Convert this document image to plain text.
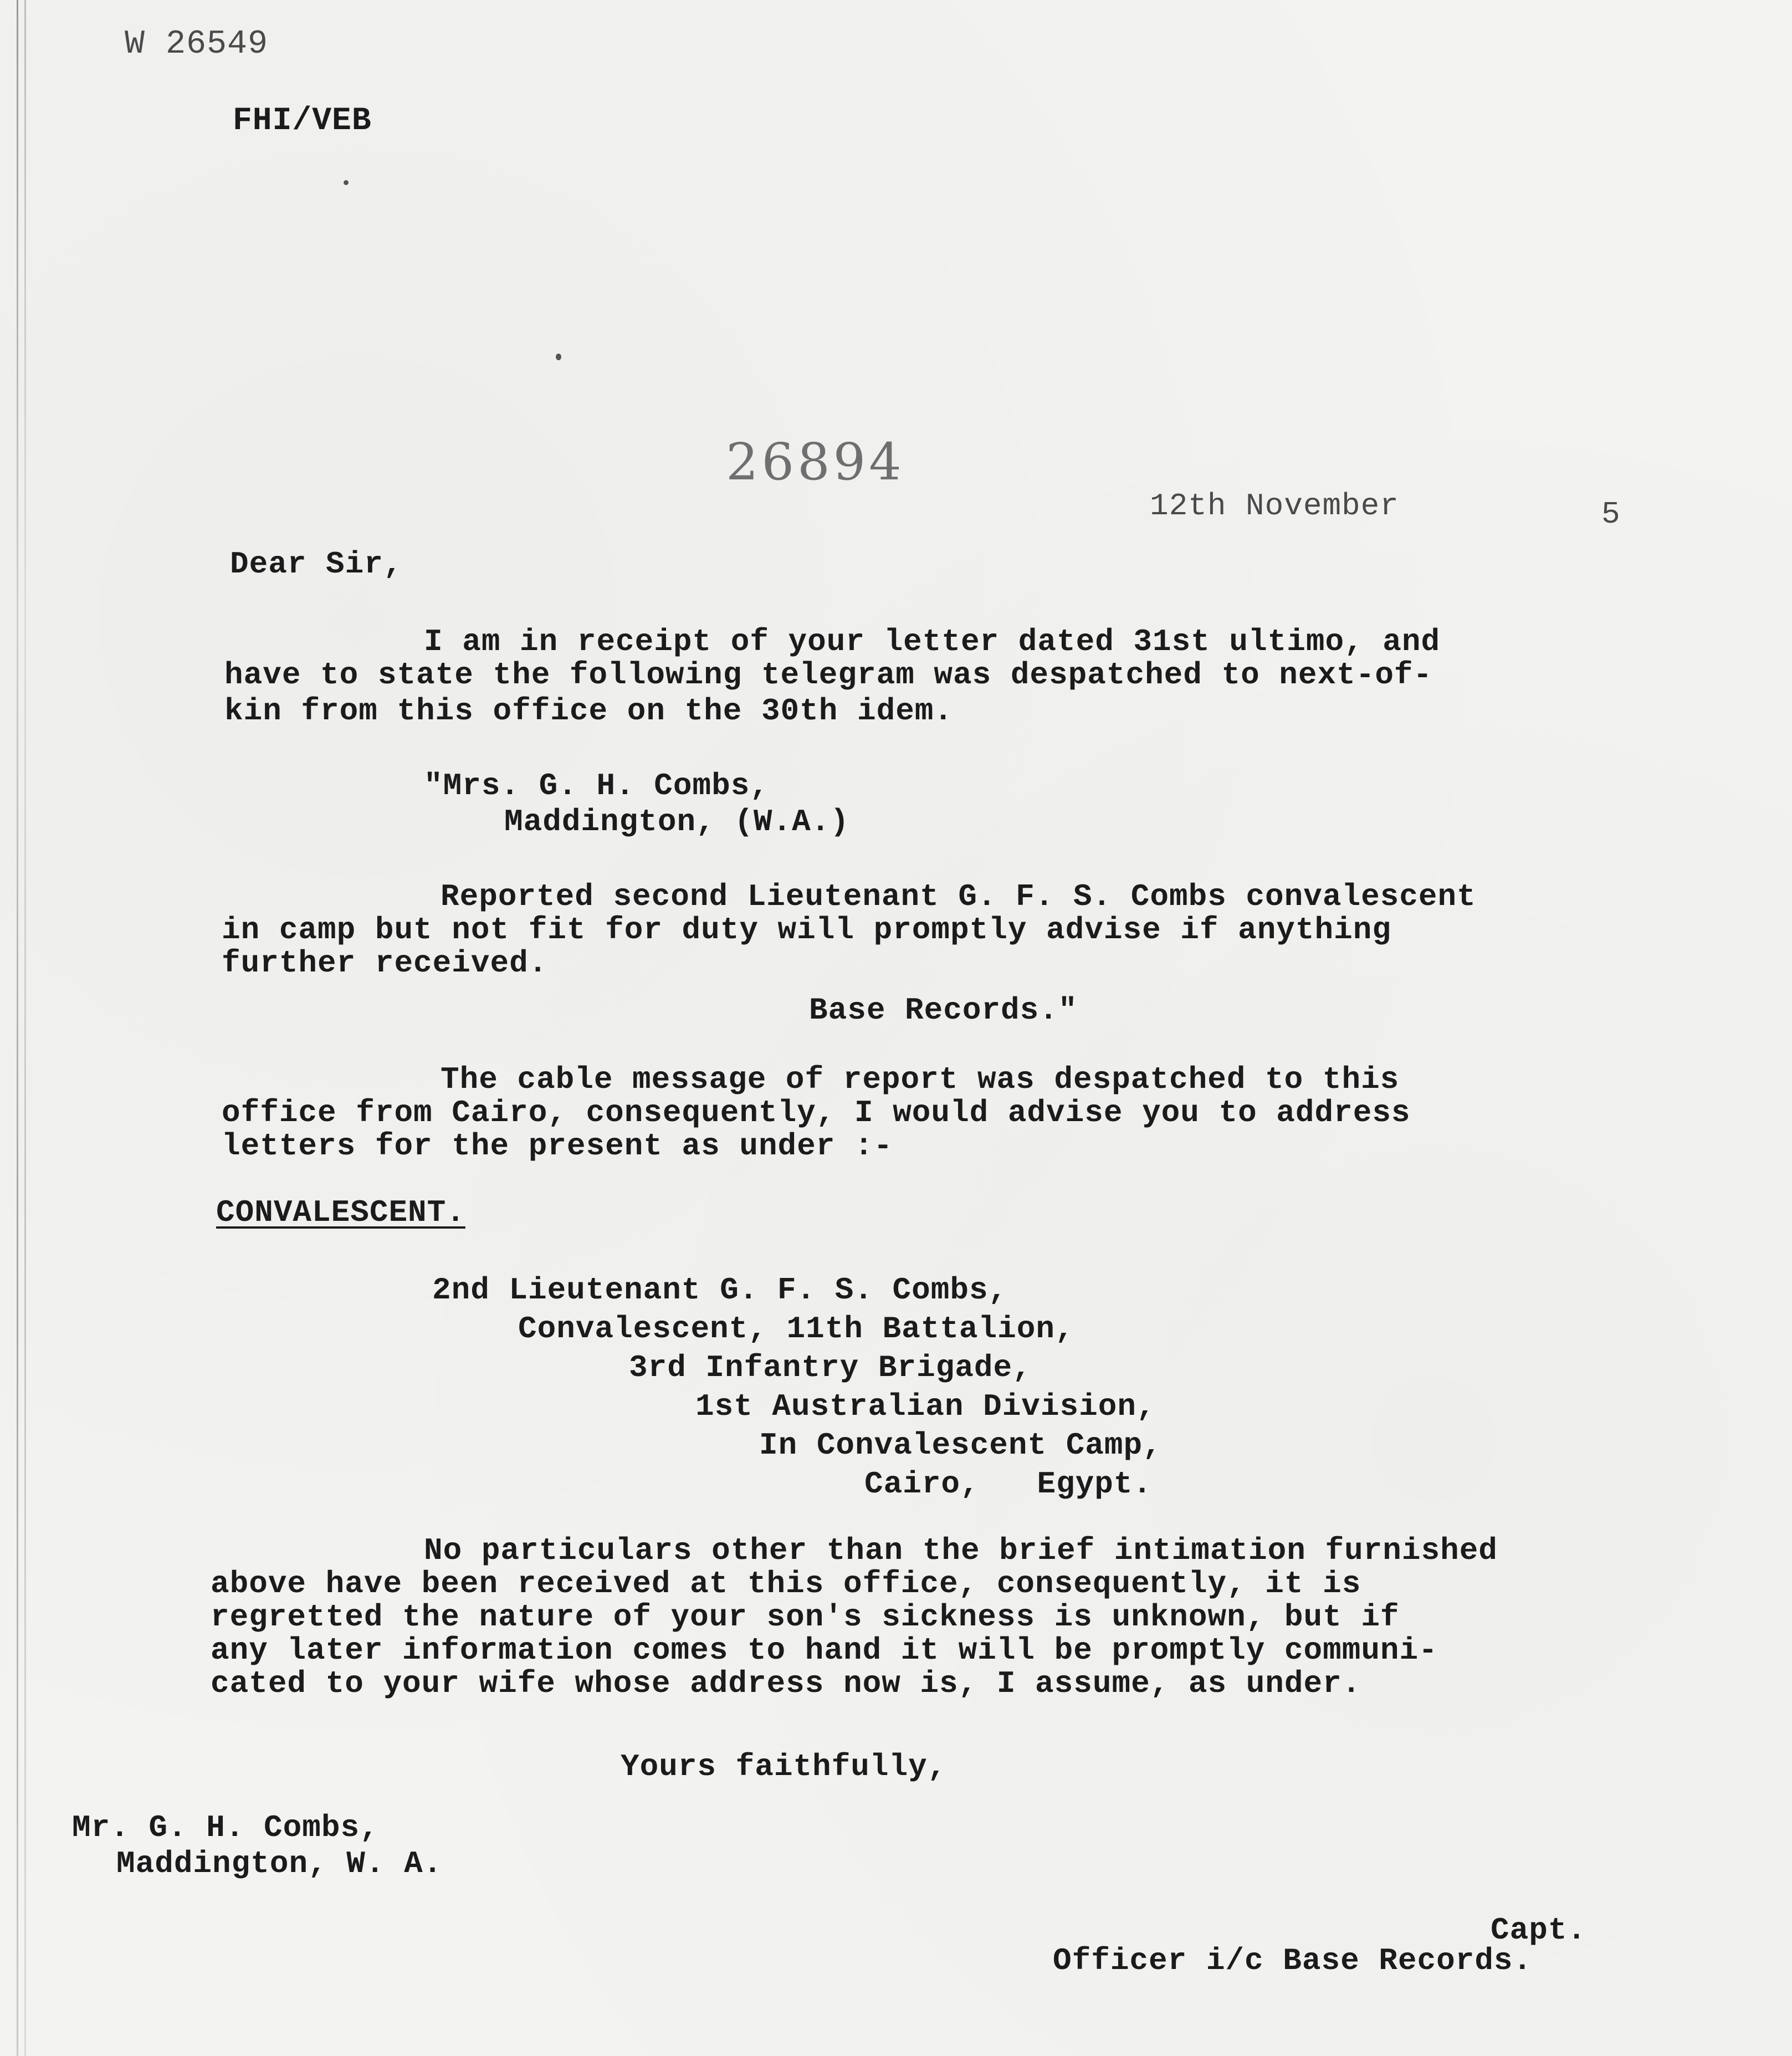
W 26549
FHI/VEB
26894
12th November	5
Dear Sir,
I am in receipt of your letter dated 31st ultimo, and
have to state the following telegram was despatched to next-of-
kin from this office on the 30th idem.
"Mrs. G. H. Combs,
Maddington, (W.A.)
Reported second Lieutenant G. F. S. Combs convalescent
in camp but not fit for duty will promptly advise if anything
further received.
Base Records."
The cable message of report was despatched to this
office from Cairo, consequently, I would advise you to address
letters for the present as under :-
CONVALESCENT.
2nd Lieutenant G. F. S. Combs,
Convalescent, 11th Battalion,
3rd Infantry Brigade,
1st Australian Division,
In Convalescent Camp,
Cairo,   Egypt.
No particulars other than the brief intimation furnished
above have been received at this office, consequently, it is
regretted the nature of your son's sickness is unknown, but if
any later information comes to hand it will be promptly communi-
cated to your wife whose address now is, I assume, as under.
Yours faithfully,
Mr. G. H. Combs,
Maddington, W. A.
Capt.
Officer i/c Base Records.
